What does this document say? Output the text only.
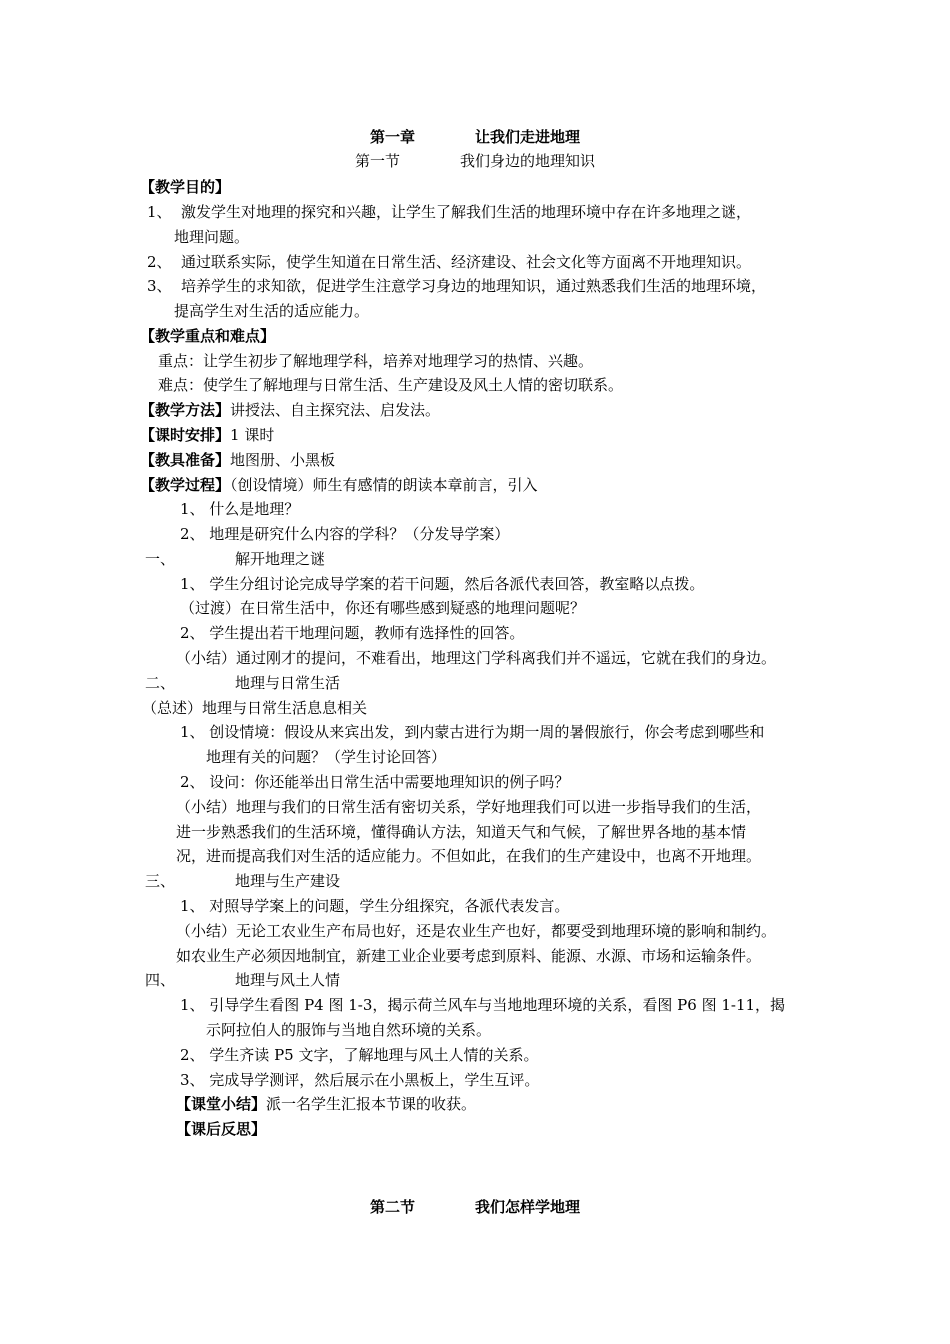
第一章	让我们走进地理
第一节	我们身边的地理知识
【教学目的】
1、 激发学生对地理的探究和兴趣，让学生了解我们生活的地理环境中存在许多地理之谜，
地理问题。
2、 通过联系实际，使学生知道在日常生活、经济建设、社会文化等方面离不开地理知识。
3、 培养学生的求知欲，促进学生注意学习身边的地理知识，通过熟悉我们生活的地理环境，
提高学生对生活的适应能力。
【教学重点和难点】
重点：让学生初步了解地理学科，培养对地理学习的热情、兴趣。
难点：使学生了解地理与日常生活、生产建设及风土人情的密切联系。
【教学方法】讲授法、自主探究法、启发法。
【课时安排】1 课时
【教具准备】地图册、小黑板
【教学过程】（创设情境）师生有感情的朗读本章前言，引入
1、 什么是地理？
2、 地理是研究什么内容的学科？（分发导学案）
一、	解开地理之谜
1、 学生分组讨论完成导学案的若干问题，然后各派代表回答，教室略以点拨。
（过渡）在日常生活中，你还有哪些感到疑惑的地理问题呢？
2、 学生提出若干地理问题，教师有选择性的回答。
（小结）通过刚才的提问，不难看出，地理这门学科离我们并不遥远，它就在我们的身边。
二、	地理与日常生活
（总述）地理与日常生活息息相关
1、 创设情境：假设从来宾出发，到内蒙古进行为期一周的暑假旅行，你会考虑到哪些和
地理有关的问题？（学生讨论回答）
2、 设问：你还能举出日常生活中需要地理知识的例子吗？
（小结）地理与我们的日常生活有密切关系，学好地理我们可以进一步指导我们的生活，
进一步熟悉我们的生活环境，懂得确认方法，知道天气和气候，了解世界各地的基本情
况，进而提高我们对生活的适应能力。不但如此，在我们的生产建设中，也离不开地理。
三、	地理与生产建设
1、 对照导学案上的问题，学生分组探究，各派代表发言。
（小结）无论工农业生产布局也好，还是农业生产也好，都要受到地理环境的影响和制约。
如农业生产必须因地制宜，新建工业企业要考虑到原料、能源、水源、市场和运输条件。
四、	地理与风土人情
1、 引导学生看图 P4 图 1-3，揭示荷兰风车与当地地理环境的关系，看图 P6 图 1-11，揭
示阿拉伯人的服饰与当地自然环境的关系。
2、 学生齐读 P5 文字，了解地理与风土人情的关系。
3、 完成导学测评，然后展示在小黑板上，学生互评。
【课堂小结】派一名学生汇报本节课的收获。
【课后反思】
第二节	我们怎样学地理
